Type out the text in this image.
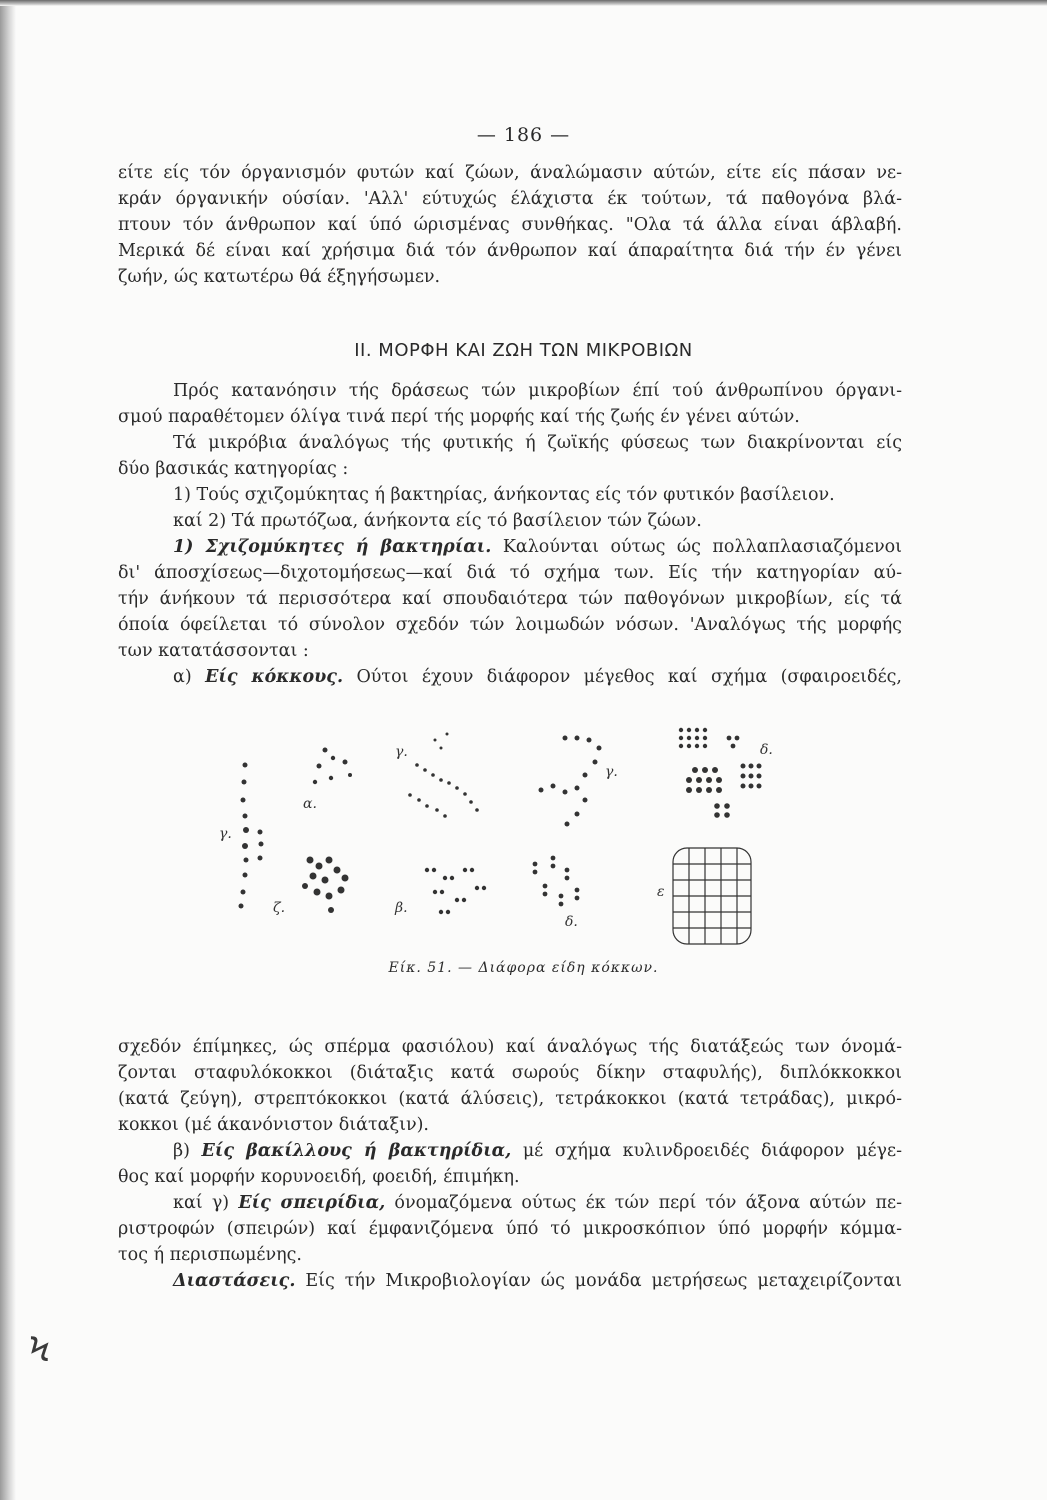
— 186 —
είτε είς τόν όργανισμόν φυτών καί ζώων, άναλώμασιν αύτών, είτε είς πάσαν νε-
κράν όργανικήν ούσίαν. 'Αλλ' εύτυχώς έλάχιστα έκ τούτων, τά παθογόνα βλά-
πτουν τόν άνθρωπον καί ύπό ώρισμένας συνθήκας. "Ολα τά άλλα είναι άβλαβή.
Μερικά δέ είναι καί χρήσιμα διά τόν άνθρωπον καί άπαραίτητα διά τήν έν γένει
ζωήν, ώς κατωτέρω θά έξηγήσωμεν.
II. ΜΟΡΦΗ ΚΑΙ ΖΩΗ ΤΩΝ ΜΙΚΡΟΒΙΩΝ
Πρός κατανόησιν τής δράσεως τών μικροβίων έπί τού άνθρωπίνου όργανι-
σμού παραθέτομεν όλίγα τινά περί τής μορφής καί τής ζωής έν γένει αύτών.
Τά μικρόβια άναλόγως τής φυτικής ή ζωϊκής φύσεως των διακρίνονται είς
δύο βασικάς κατηγορίας :
1) Τούς σχιζομύκητας ή βακτηρίας, άνήκοντας είς τόν φυτικόν βασίλειον.
καί 2) Τά πρωτόζωα, άνήκοντα είς τό βασίλειον τών ζώων.
1) Σχιζομύκητες ή βακτηρίαι. Καλούνται ούτως ώς πολλαπλασιαζόμενοι
δι' άποσχίσεως—διχοτομήσεως—καί διά τό σχήμα των. Είς τήν κατηγορίαν αύ-
τήν άνήκουν τά περισσότερα καί σπουδαιότερα τών παθογόνων μικροβίων, είς τά
όποία όφείλεται τό σύνολον σχεδόν τών λοιμωδών νόσων. 'Αναλόγως τής μορφής
των κατατάσσονται :
α) Είς κόκκους. Ούτοι έχουν διάφορον μέγεθος καί σχήμα (σφαιροειδές,
α.
β.
γ.
γ.
γ.
δ.
δ.
ζ.
ε
Είκ. 51. — Διάφορα είδη κόκκων.
σχεδόν έπίμηκες, ώς σπέρμα φασιόλου) καί άναλόγως τής διατάξεώς των όνομά-
ζονται σταφυλόκοκκοι (διάταξις κατά σωρούς δίκην σταφυλής), διπλόκκοκκοι
(κατά ζεύγη), στρεπτόκοκκοι (κατά άλύσεις), τετράκοκκοι (κατά τετράδας), μικρό-
κοκκοι (μέ άκανόνιστον διάταξιν).
β) Είς βακίλλους ή βακτηρίδια, μέ σχήμα κυλινδροειδές διάφορον μέγε-
θος καί μορφήν κορυνοειδή, φοειδή, έπιμήκη.
καί γ) Είς σπειρίδια, όνομαζόμενα ούτως έκ τών περί τόν άξονα αύτών πε-
ριστροφών (σπειρών) καί έμφανιζόμενα ύπό τό μικροσκόπιον ύπό μορφήν κόμμα-
τος ή περισπωμένης.
Διαστάσεις. Είς τήν Μικροβιολογίαν ώς μονάδα μετρήσεως μεταχειρίζονται
Ϟ
